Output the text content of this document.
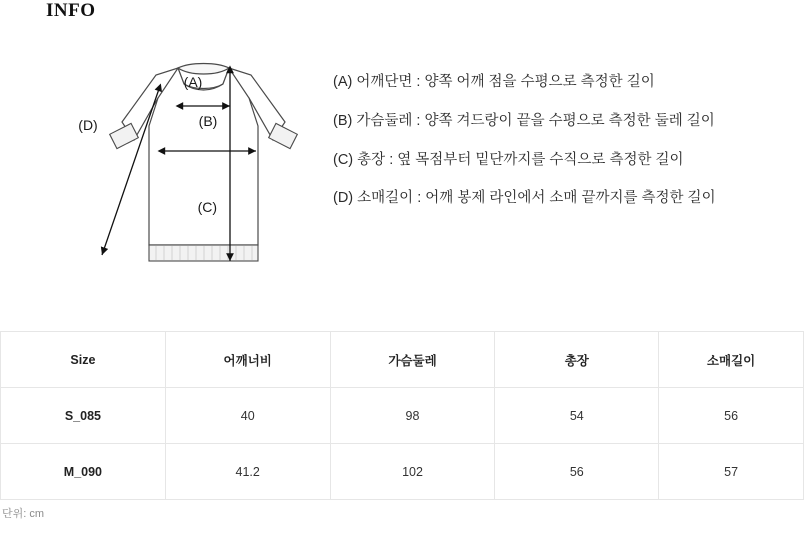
INFO
(A)
(B)
(C)
(D)
(A) 어깨단면 : 양쪽 어깨 점을 수평으로 측정한 길이
(B) 가슴둘레 : 양쪽 겨드랑이 끝을 수평으로 측정한 둘레 길이
(C) 총장 : 옆 목점부터 밑단까지를 수직으로 측정한 길이
(D) 소매길이 : 어깨 봉제 라인에서 소매 끝까지를 측정한 길이
Size	어깨너비	가슴둘레	총장	소매길이
S_085	40	98	54	56
M_090	41.2	102	56	57
단위: cm
